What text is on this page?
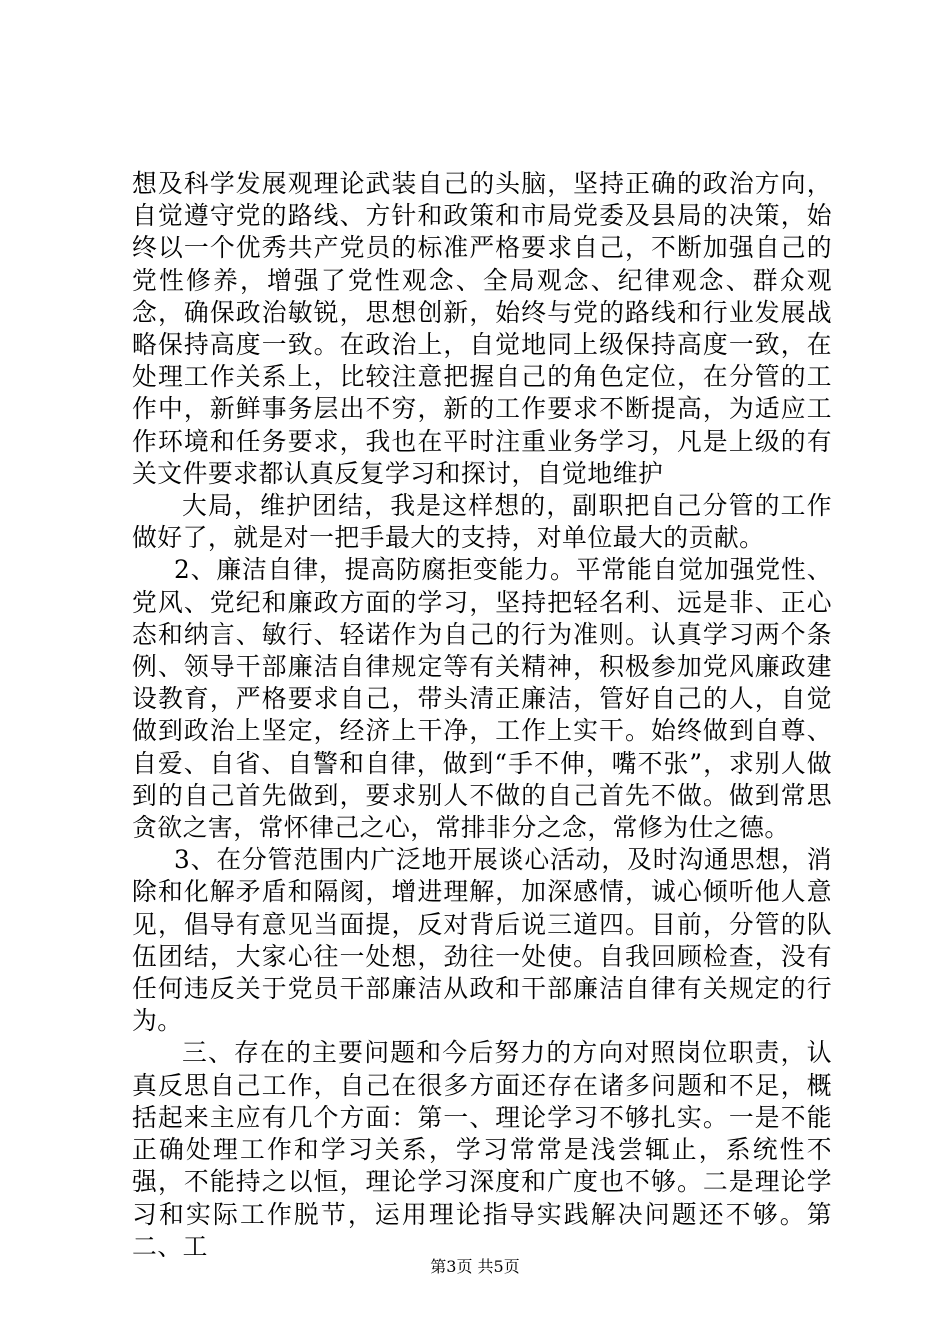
想及科学发展观理论武装自己的头脑，坚持正确的政治方向，自觉遵守党的路线、方针和政策和市局党委及县局的决策，始终以一个优秀共产党员的标准严格要求自己，不断加强自己的党性修养，增强了党性观念、全局观念、纪律观念、群众观念，确保政治敏锐，思想创新，始终与党的路线和行业发展战略保持高度一致。在政治上，自觉地同上级保持高度一致，在处理工作关系上，比较注意把握自己的角色定位，在分管的工作中，新鲜事务层出不穷，新的工作要求不断提高，为适应工作环境和任务要求，我也在平时注重业务学习，凡是上级的有关文件要求都认真反复学习和探讨，自觉地维护

大局，维护团结，我是这样想的，副职把自己分管的工作做好了，就是对一把手最大的支持，对单位最大的贡献。

2、廉洁自律，提高防腐拒变能力。平常能自觉加强党性、党风、党纪和廉政方面的学习，坚持把轻名利、远是非、正心态和纳言、敏行、轻诺作为自己的行为准则。认真学习两个条例、领导干部廉洁自律规定等有关精神，积极参加党风廉政建设教育，严格要求自己，带头清正廉洁，管好自己的人，自觉做到政治上坚定，经济上干净，工作上实干。始终做到自尊、自爱、自省、自警和自律，做到“手不伸，嘴不张”，求别人做到的自己首先做到，要求别人不做的自己首先不做。做到常思贪欲之害，常怀律己之心，常排非分之念，常修为仕之德。

3、在分管范围内广泛地开展谈心活动，及时沟通思想，消除和化解矛盾和隔阂，增进理解，加深感情，诚心倾听他人意见，倡导有意见当面提，反对背后说三道四。目前，分管的队伍团结，大家心往一处想，劲往一处使。自我回顾检查，没有任何违反关于党员干部廉洁从政和干部廉洁自律有关规定的行为。

三、存在的主要问题和今后努力的方向对照岗位职责，认真反思自己工作，自己在很多方面还存在诸多问题和不足，概括起来主应有几个方面：第一、理论学习不够扎实。一是不能正确处理工作和学习关系，学习常常是浅尝辄止，系统性不强，不能持之以恒，理论学习深度和广度也不够。二是理论学习和实际工作脱节，运用理论指导实践解决问题还不够。第二、工

第3页 共5页
